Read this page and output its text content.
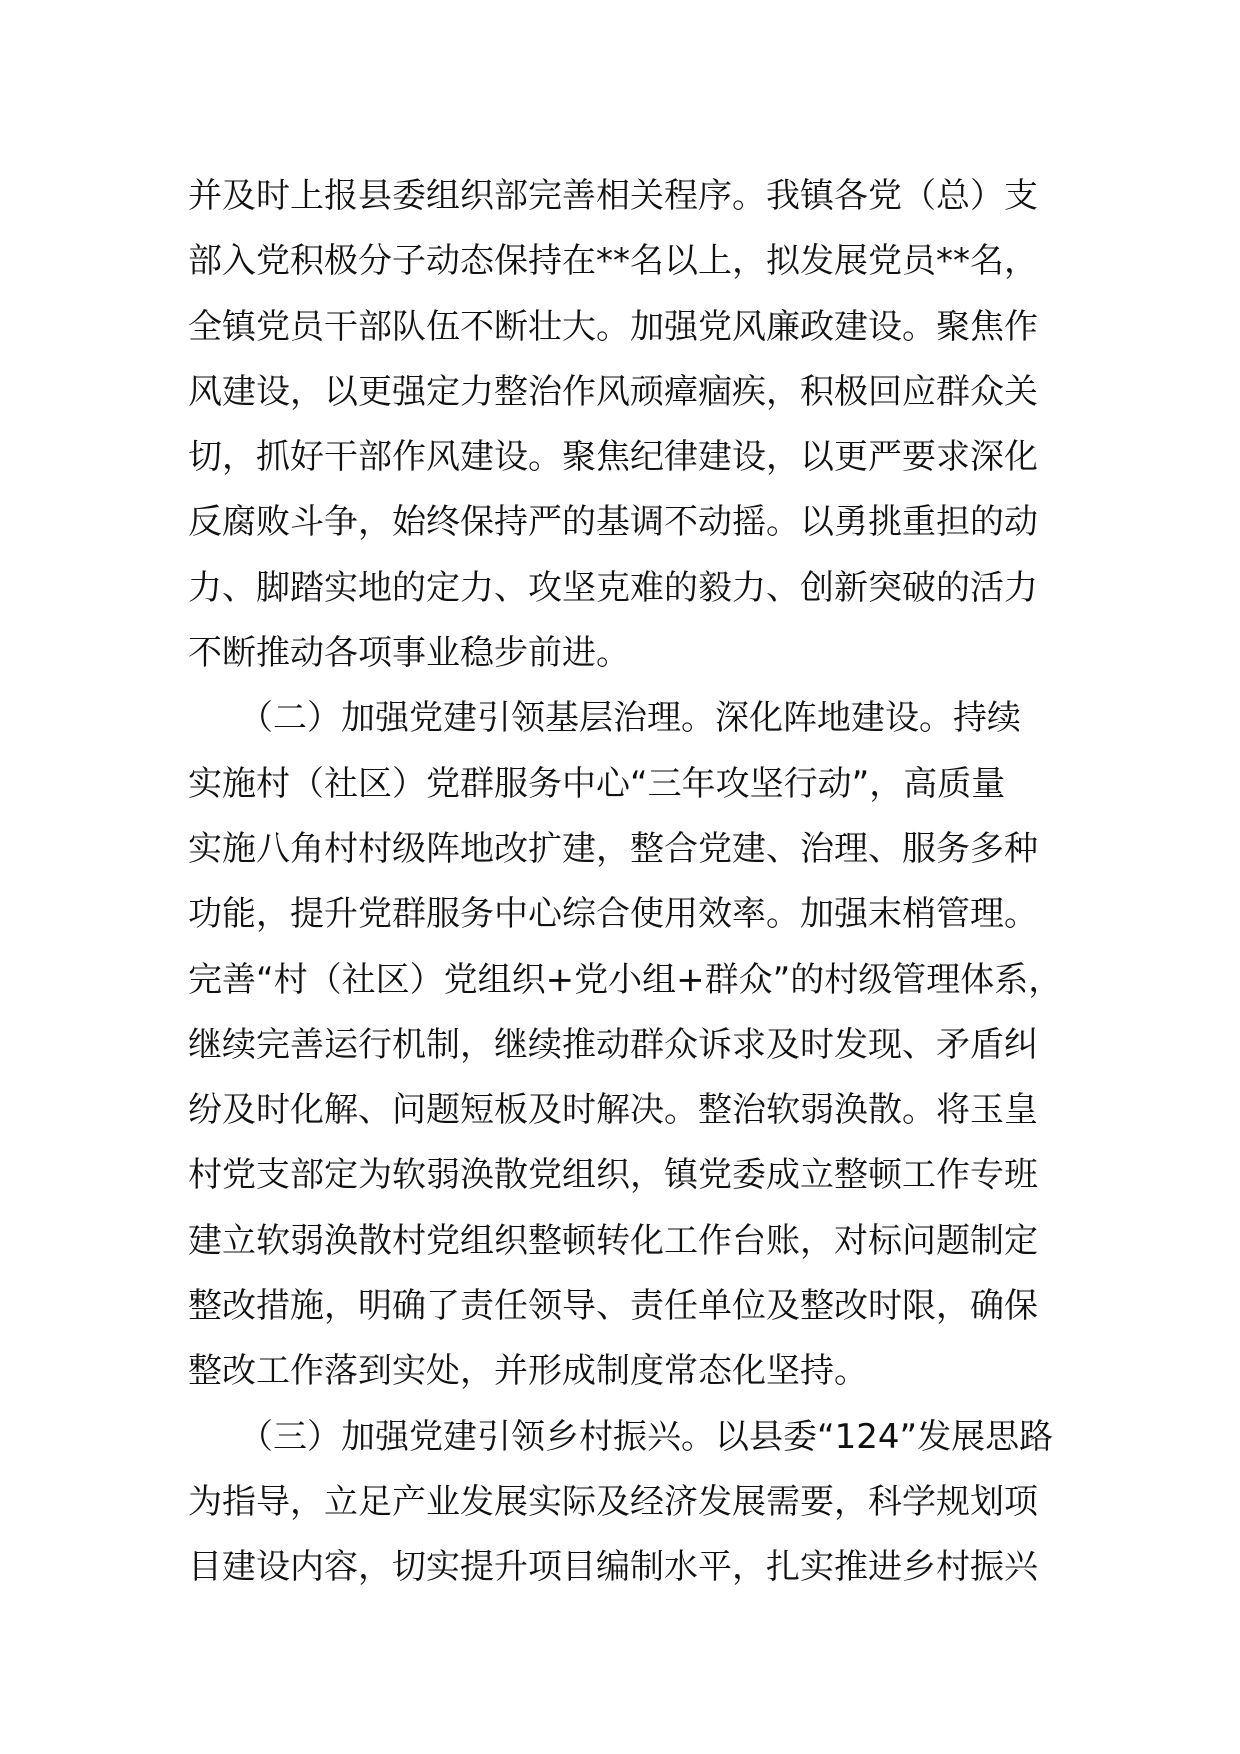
并及时上报县委组织部完善相关程序。我镇各党（总）支
部入党积极分子动态保持在**名以上，拟发展党员**名，
全镇党员干部队伍不断壮大。加强党风廉政建设。聚焦作
风建设，以更强定力整治作风顽瘴痼疾，积极回应群众关
切，抓好干部作风建设。聚焦纪律建设，以更严要求深化
反腐败斗争，始终保持严的基调不动摇。以勇挑重担的动
力、脚踏实地的定力、攻坚克难的毅力、创新突破的活力
不断推动各项事业稳步前进。
　　（二）加强党建引领基层治理。深化阵地建设。持续
实施村（社区）党群服务中心“三年攻坚行动”，高质量
实施八角村村级阵地改扩建，整合党建、治理、服务多种
功能，提升党群服务中心综合使用效率。加强末梢管理。
完善“村（社区）党组织+党小组+群众”的村级管理体系，
继续完善运行机制，继续推动群众诉求及时发现、矛盾纠
纷及时化解、问题短板及时解决。整治软弱涣散。将玉皇
村党支部定为软弱涣散党组织，镇党委成立整顿工作专班
建立软弱涣散村党组织整顿转化工作台账，对标问题制定
整改措施，明确了责任领导、责任单位及整改时限，确保
整改工作落到实处，并形成制度常态化坚持。
　　（三）加强党建引领乡村振兴。以县委“124”发展思路
为指导，立足产业发展实际及经济发展需要，科学规划项
目建设内容，切实提升项目编制水平，扎实推进乡村振兴
